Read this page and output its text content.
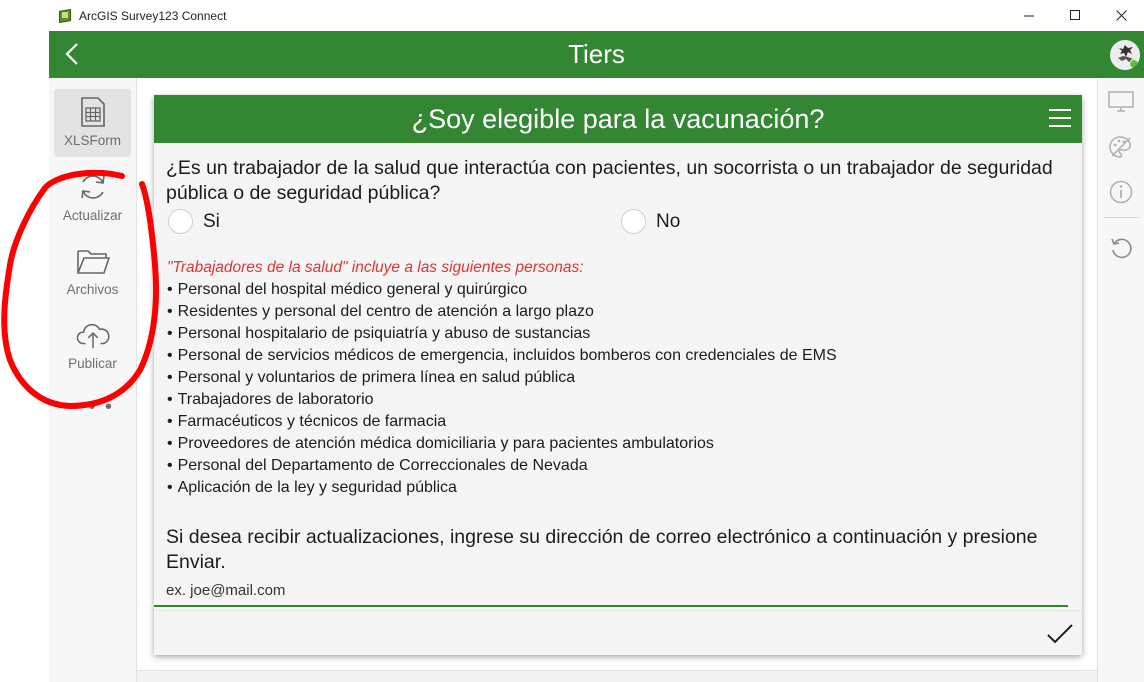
ArcGIS Survey123 Connect
Tiers
XLSForm
Actualizar
Archivos
Publicar
• • •
¿Soy elegible para la vacunación?
¿Es un trabajador de la salud que interactúa con pacientes, un socorrista o un trabajador de seguridad pública o de seguridad pública?
Si	No
"Trabajadores de la salud" incluye a las siguientes personas:
• Personal del hospital médico general y quirúrgico
• Residentes y personal del centro de atención a largo plazo
• Personal hospitalario de psiquiatría y abuso de sustancias
• Personal de servicios médicos de emergencia, incluidos bomberos con credenciales de EMS
• Personal y voluntarios de primera línea en salud pública
• Trabajadores de laboratorio
• Farmacéuticos y técnicos de farmacia
• Proveedores de atención médica domiciliaria y para pacientes ambulatorios
• Personal del Departamento de Correccionales de Nevada
• Aplicación de la ley y seguridad pública
Si desea recibir actualizaciones, ingrese su dirección de correo electrónico a continuación y presione Enviar.
ex. joe@mail.com
